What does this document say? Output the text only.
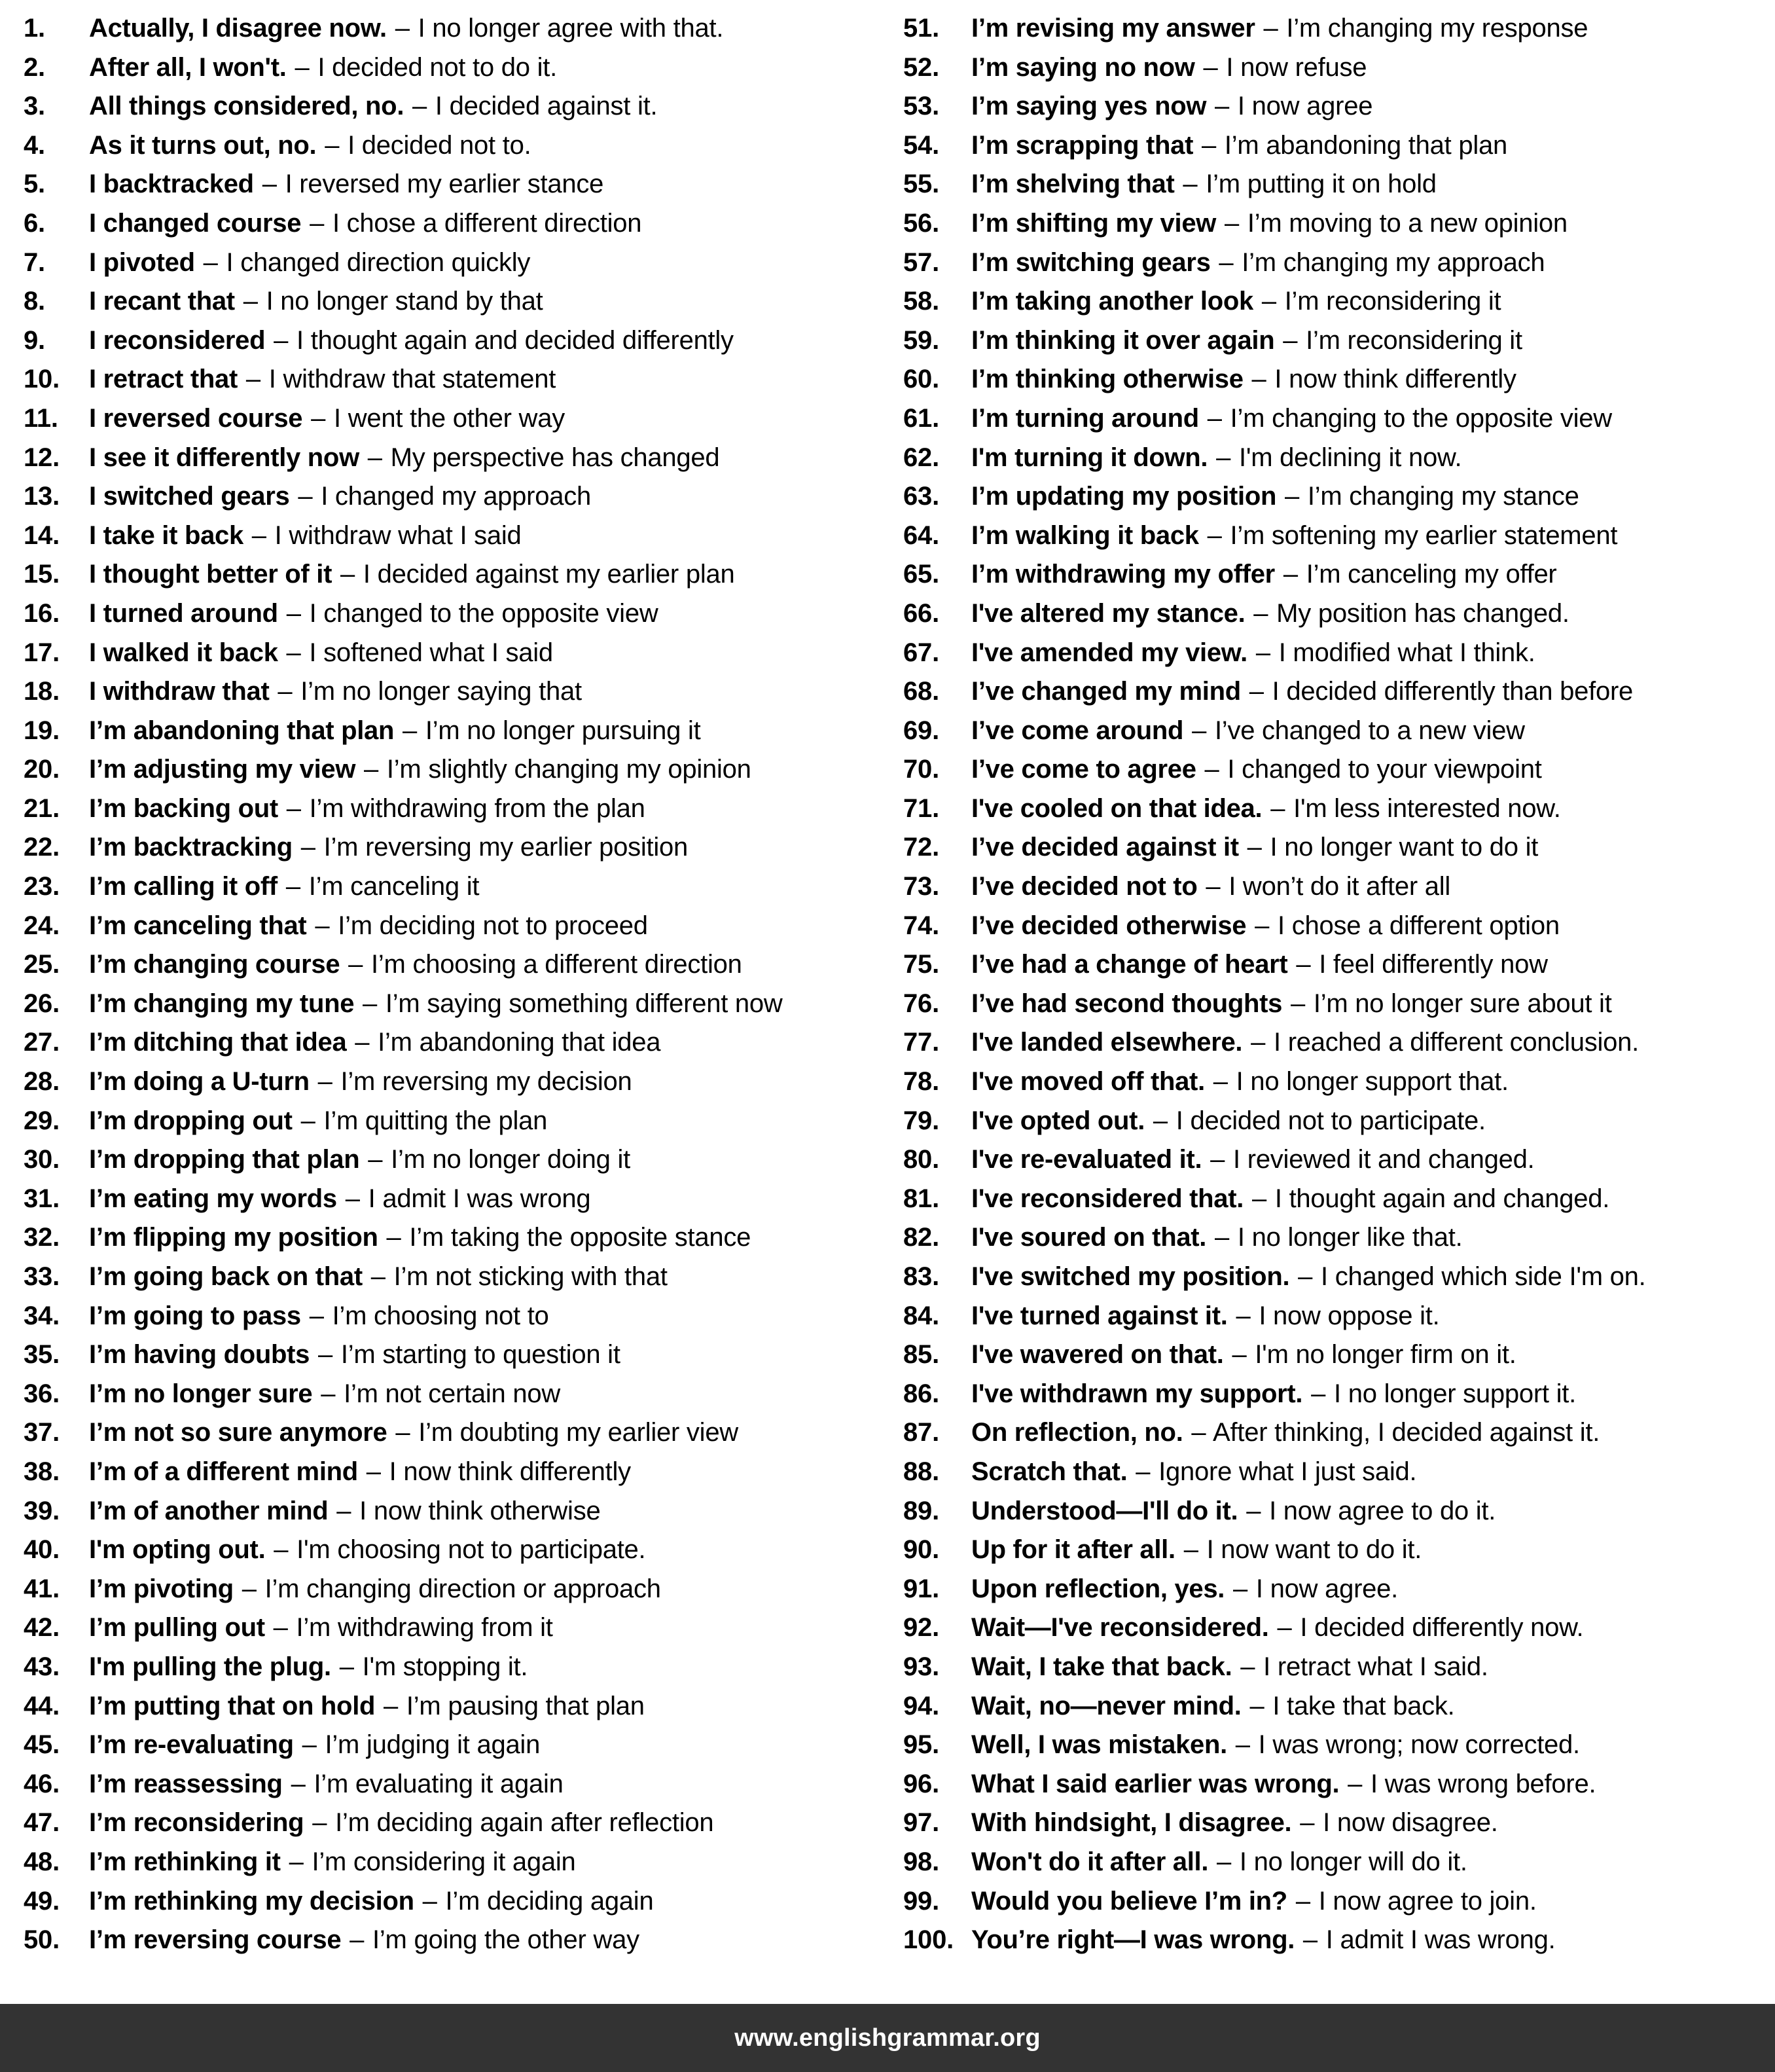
1.	Actually, I disagree now. – I no longer agree with that.
2.	After all, I won't. – I decided not to do it.
3.	All things considered, no. – I decided against it.
4.	As it turns out, no. – I decided not to.
5.	I backtracked – I reversed my earlier stance
6.	I changed course – I chose a different direction
7.	I pivoted – I changed direction quickly
8.	I recant that – I no longer stand by that
9.	I reconsidered – I thought again and decided differently
10.	I retract that – I withdraw that statement
11.	I reversed course – I went the other way
12.	I see it differently now – My perspective has changed
13.	I switched gears – I changed my approach
14.	I take it back – I withdraw what I said
15.	I thought better of it – I decided against my earlier plan
16.	I turned around – I changed to the opposite view
17.	I walked it back – I softened what I said
18.	I withdraw that – I’m no longer saying that
19.	I’m abandoning that plan – I’m no longer pursuing it
20.	I’m adjusting my view – I’m slightly changing my opinion
21.	I’m backing out – I’m withdrawing from the plan
22.	I’m backtracking – I’m reversing my earlier position
23.	I’m calling it off – I’m canceling it
24.	I’m canceling that – I’m deciding not to proceed
25.	I’m changing course – I’m choosing a different direction
26.	I’m changing my tune – I’m saying something different now
27.	I’m ditching that idea – I’m abandoning that idea
28.	I’m doing a U-turn – I’m reversing my decision
29.	I’m dropping out – I’m quitting the plan
30.	I’m dropping that plan – I’m no longer doing it
31.	I’m eating my words – I admit I was wrong
32.	I’m flipping my position – I’m taking the opposite stance
33.	I’m going back on that – I’m not sticking with that
34.	I’m going to pass – I’m choosing not to
35.	I’m having doubts – I’m starting to question it
36.	I’m no longer sure – I’m not certain now
37.	I’m not so sure anymore – I’m doubting my earlier view
38.	I’m of a different mind – I now think differently
39.	I’m of another mind – I now think otherwise
40.	I'm opting out. – I'm choosing not to participate.
41.	I’m pivoting – I’m changing direction or approach
42.	I’m pulling out – I’m withdrawing from it
43.	I'm pulling the plug. – I'm stopping it.
44.	I’m putting that on hold – I’m pausing that plan
45.	I’m re-evaluating – I’m judging it again
46.	I’m reassessing – I’m evaluating it again
47.	I’m reconsidering – I’m deciding again after reflection
48.	I’m rethinking it – I’m considering it again
49.	I’m rethinking my decision – I’m deciding again
50.	I’m reversing course – I’m going the other way
51.	I’m revising my answer – I’m changing my response
52.	I’m saying no now – I now refuse
53.	I’m saying yes now – I now agree
54.	I’m scrapping that – I’m abandoning that plan
55.	I’m shelving that – I’m putting it on hold
56.	I’m shifting my view – I’m moving to a new opinion
57.	I’m switching gears – I’m changing my approach
58.	I’m taking another look – I’m reconsidering it
59.	I’m thinking it over again – I’m reconsidering it
60.	I’m thinking otherwise – I now think differently
61.	I’m turning around – I’m changing to the opposite view
62.	I'm turning it down. – I'm declining it now.
63.	I’m updating my position – I’m changing my stance
64.	I’m walking it back – I’m softening my earlier statement
65.	I’m withdrawing my offer – I’m canceling my offer
66.	I've altered my stance. – My position has changed.
67.	I've amended my view. – I modified what I think.
68.	I’ve changed my mind – I decided differently than before
69.	I’ve come around – I’ve changed to a new view
70.	I’ve come to agree – I changed to your viewpoint
71.	I've cooled on that idea. – I'm less interested now.
72.	I’ve decided against it – I no longer want to do it
73.	I’ve decided not to – I won’t do it after all
74.	I’ve decided otherwise – I chose a different option
75.	I’ve had a change of heart – I feel differently now
76.	I’ve had second thoughts – I’m no longer sure about it
77.	I've landed elsewhere. – I reached a different conclusion.
78.	I've moved off that. – I no longer support that.
79.	I've opted out. – I decided not to participate.
80.	I've re-evaluated it. – I reviewed it and changed.
81.	I've reconsidered that. – I thought again and changed.
82.	I've soured on that. – I no longer like that.
83.	I've switched my position. – I changed which side I'm on.
84.	I've turned against it. – I now oppose it.
85.	I've wavered on that. – I'm no longer firm on it.
86.	I've withdrawn my support. – I no longer support it.
87.	On reflection, no. – After thinking, I decided against it.
88.	Scratch that. – Ignore what I just said.
89.	Understood—I'll do it. – I now agree to do it.
90.	Up for it after all. – I now want to do it.
91.	Upon reflection, yes. – I now agree.
92.	Wait—I've reconsidered. – I decided differently now.
93.	Wait, I take that back. – I retract what I said.
94.	Wait, no—never mind. – I take that back.
95.	Well, I was mistaken. – I was wrong; now corrected.
96.	What I said earlier was wrong. – I was wrong before.
97.	With hindsight, I disagree. – I now disagree.
98.	Won't do it after all. – I no longer will do it.
99.	Would you believe I’m in? – I now agree to join.
100. You’re right—I was wrong. – I admit I was wrong.
www.englishgrammar.org
